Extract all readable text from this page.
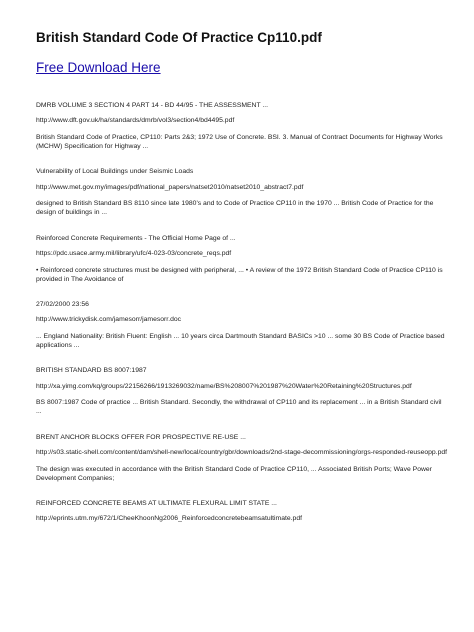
British Standard Code Of Practice Cp110.pdf
Free Download Here
DMRB VOLUME 3 SECTION 4 PART 14 - BD 44/95 - THE ASSESSMENT ...
http://www.dft.gov.uk/ha/standards/dmrb/vol3/section4/bd4495.pdf
British Standard Code of Practice, CP110: Parts 2&3; 1972 Use of Concrete. BSI. 3. Manual of Contract Documents for Highway Works (MCHW) Specification for Highway ...
Vulnerability of Local Buildings under Seismic Loads
http://www.met.gov.my/images/pdf/national_papers/natset2010/natset2010_abstract7.pdf
designed to British Standard BS 8110 since late 1980's and to Code of Practice CP110 in the 1970 ... British Code of Practice for the design of buildings in ...
Reinforced Concrete Requirements - The Official Home Page of ...
https://pdc.usace.army.mil/library/ufc/4-023-03/concrete_reqs.pdf
• Reinforced concrete structures must be designed with peripheral, ... • A review of the 1972 British Standard Code of Practice CP110 is provided in The Avoidance of
27/02/2000 23:56
http://www.trickydisk.com/jamesorr/jamesorr.doc
... England Nationality: British Fluent: English ... 10 years circa Dartmouth Standard BASICs >10 ... some 30 BS Code of Practice based applications ...
BRITISH STANDARD BS 8007:1987
http://xa.yimg.com/kq/groups/22156266/1913269032/name/BS%208007%201987%20Water%20Retaining%20Structures.pdf
BS 8007:1987 Code of practice ... British Standard. Secondly, the withdrawal of CP110 and its replacement ... in a British Standard civil ...
BRENT ANCHOR BLOCKS OFFER FOR PROSPECTIVE RE-USE ...
http://s03.static-shell.com/content/dam/shell-new/local/country/gbr/downloads/2nd-stage-decommissioning/orgs-responded-reuseopp.pdf
The design was executed in accordance with the British Standard Code of Practice CP110, ... Associated British Ports; Wave Power Development Companies;
REINFORCED CONCRETE BEAMS AT ULTIMATE FLEXURAL LIMIT STATE ...
http://eprints.utm.my/672/1/CheeKhoonNg2006_Reinforcedconcretebeamsatultimate.pdf
